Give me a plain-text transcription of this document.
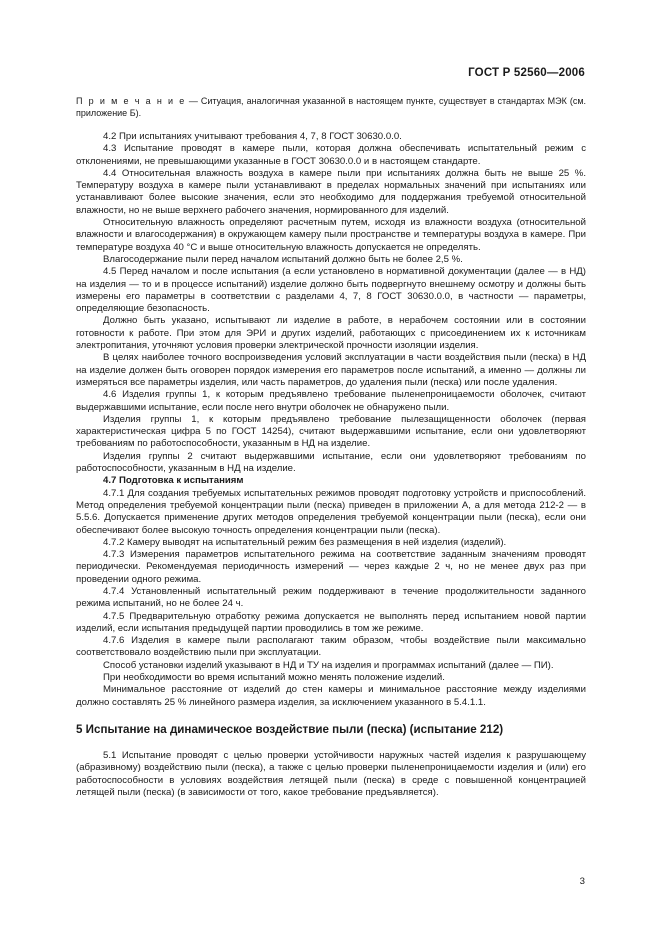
ГОСТ Р 52560—2006

П р и м е ч а н и е — Ситуация, аналогичная указанной в настоящем пункте, существует в стандартах МЭК (см. приложение Б).

4.2 При испытаниях учитывают требования 4, 7, 8 ГОСТ 30630.0.0.

4.3 Испытание проводят в камере пыли, которая должна обеспечивать испытательный режим с отклонениями, не превышающими указанные в ГОСТ 30630.0.0 и в настоящем стандарте.

4.4 Относительная влажность воздуха в камере пыли при испытаниях должна быть не выше 25 %. Температуру воздуха в камере пыли устанавливают в пределах нормальных значений при испытаниях или устанавливают более высокие значения, если это необходимо для поддержания требуемой относительной влажности, но не выше верхнего рабочего значения, нормированного для изделий.

Относительную влажность определяют расчетным путем, исходя из влажности воздуха (относительной влажности и влагосодержания) в окружающем камеру пыли пространстве и температуры воздуха в камере. При температуре воздуха 40 °С и выше относительную влажность допускается не определять.

Влагосодержание пыли перед началом испытаний должно быть не более 2,5 %.

4.5 Перед началом и после испытания (а если установлено в нормативной документации (далее — в НД) на изделия — то и в процессе испытаний) изделие должно быть подвергнуто внешнему осмотру и должны быть измерены его параметры в соответствии с разделами 4, 7, 8 ГОСТ 30630.0.0, в частности — параметры, определяющие безопасность.

Должно быть указано, испытывают ли изделие в работе, в нерабочем состоянии или в состоянии готовности к работе. При этом для ЭРИ и других изделий, работающих с присоединением их к источникам электропитания, уточняют условия проверки электрической прочности изоляции изделия.

В целях наиболее точного воспроизведения условий эксплуатации в части воздействия пыли (песка) в НД на изделие должен быть оговорен порядок измерения его параметров после испытаний, а именно — должны ли измеряться все параметры изделия, или часть параметров, до удаления пыли (песка) или после удаления.

4.6 Изделия группы 1, к которым предъявлено требование пыленепроницаемости оболочек, считают выдержавшими испытание, если после него внутри оболочек не обнаружено пыли.

Изделия группы 1, к которым предъявлено требование пылезащищенности оболочек (первая характеристическая цифра 5 по ГОСТ 14254), считают выдержавшими испытание, если они удовлетворяют требованиям по работоспособности, указанным в НД на изделие.

Изделия группы 2 считают выдержавшими испытание, если они удовлетворяют требованиям по работоспособности, указанным в НД на изделие.

4.7 Подготовка к испытаниям

4.7.1 Для создания требуемых испытательных режимов проводят подготовку устройств и приспособлений. Метод определения требуемой концентрации пыли (песка) приведен в приложении А, а для метода 212-2 — в 5.5.6. Допускается применение других методов определения требуемой концентрации пыли (песка), если они обеспечивают более высокую точность определения концентрации пыли (песка).

4.7.2 Камеру выводят на испытательный режим без размещения в ней изделия (изделий).

4.7.3 Измерения параметров испытательного режима на соответствие заданным значениям проводят периодически. Рекомендуемая периодичность измерений — через каждые 2 ч, но не менее двух раз при проведении одного режима.

4.7.4 Установленный испытательный режим поддерживают в течение продолжительности заданного режима испытаний, но не более 24 ч.

4.7.5 Предварительную отработку режима допускается не выполнять перед испытанием новой партии изделий, если испытания предыдущей партии проводились в том же режиме.

4.7.6 Изделия в камере пыли располагают таким образом, чтобы воздействие пыли максимально соответствовало воздействию пыли при эксплуатации.

Способ установки изделий указывают в НД и ТУ на изделия и программах испытаний (далее — ПИ).

При необходимости во время испытаний можно менять положение изделий.

Минимальное расстояние от изделий до стен камеры и минимальное расстояние между изделиями должно составлять 25 % линейного размера изделия, за исключением указанного в 5.4.1.1.

5 Испытание на динамическое воздействие пыли (песка) (испытание 212)

5.1 Испытание проводят с целью проверки устойчивости наружных частей изделия к разрушающему (абразивному) воздействию пыли (песка), а также с целью проверки пыленепроницаемости изделия и (или) его работоспособности в условиях воздействия летящей пыли (песка) в среде с повышенной концентрацией летящей пыли (песка) (в зависимости от того, какое требование предъявляется).

3
